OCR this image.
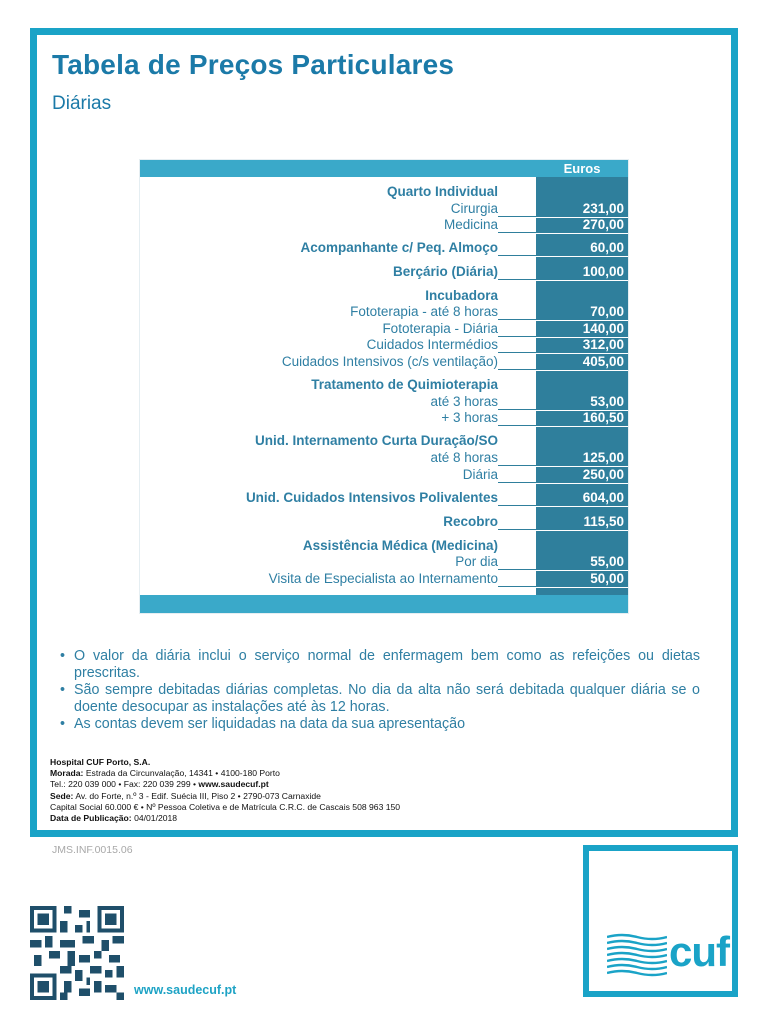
Tabela de Preços Particulares
Diárias
Euros
Quarto Individual
Cirurgia	231,00
Medicina	270,00
Acompanhante c/ Peq. Almoço	60,00
Berçário (Diária)	100,00
Incubadora
Fototerapia - até 8 horas	70,00
Fototerapia - Diária	140,00
Cuidados Intermédios	312,00
Cuidados Intensivos (c/s ventilação)	405,00
Tratamento de Quimioterapia
até 3 horas	53,00
+ 3 horas	160,50
Unid. Internamento Curta Duração/SO
até 8 horas	125,00
Diária	250,00
Unid. Cuidados Intensivos Polivalentes	604,00
Recobro	115,50
Assistência Médica (Medicina)
Por dia	55,00
Visita de Especialista ao Internamento	50,00
• O valor da diária inclui o serviço normal de enfermagem bem como as refeições ou dietas prescritas.
• São sempre debitadas diárias completas. No dia da alta não será debitada qualquer diária se o doente desocupar as instalações até às 12 horas.
• As contas devem ser liquidadas na data da sua apresentação
Hospital CUF Porto, S.A.
Morada: Estrada da Circunvalação, 14341 • 4100-180 Porto
Tel.: 220 039 000 • Fax: 220 039 299 • www.saudecuf.pt
Sede: Av. do Forte, n.º 3 - Edif. Suécia III, Piso 2 • 2790-073 Carnaxide
Capital Social 60.000 € • Nº Pessoa Coletiva e de Matrícula C.R.C. de Cascais 508 963 150
Data de Publicação: 04/01/2018
JMS.INF.0015.06
www.saudecuf.pt
cuf
